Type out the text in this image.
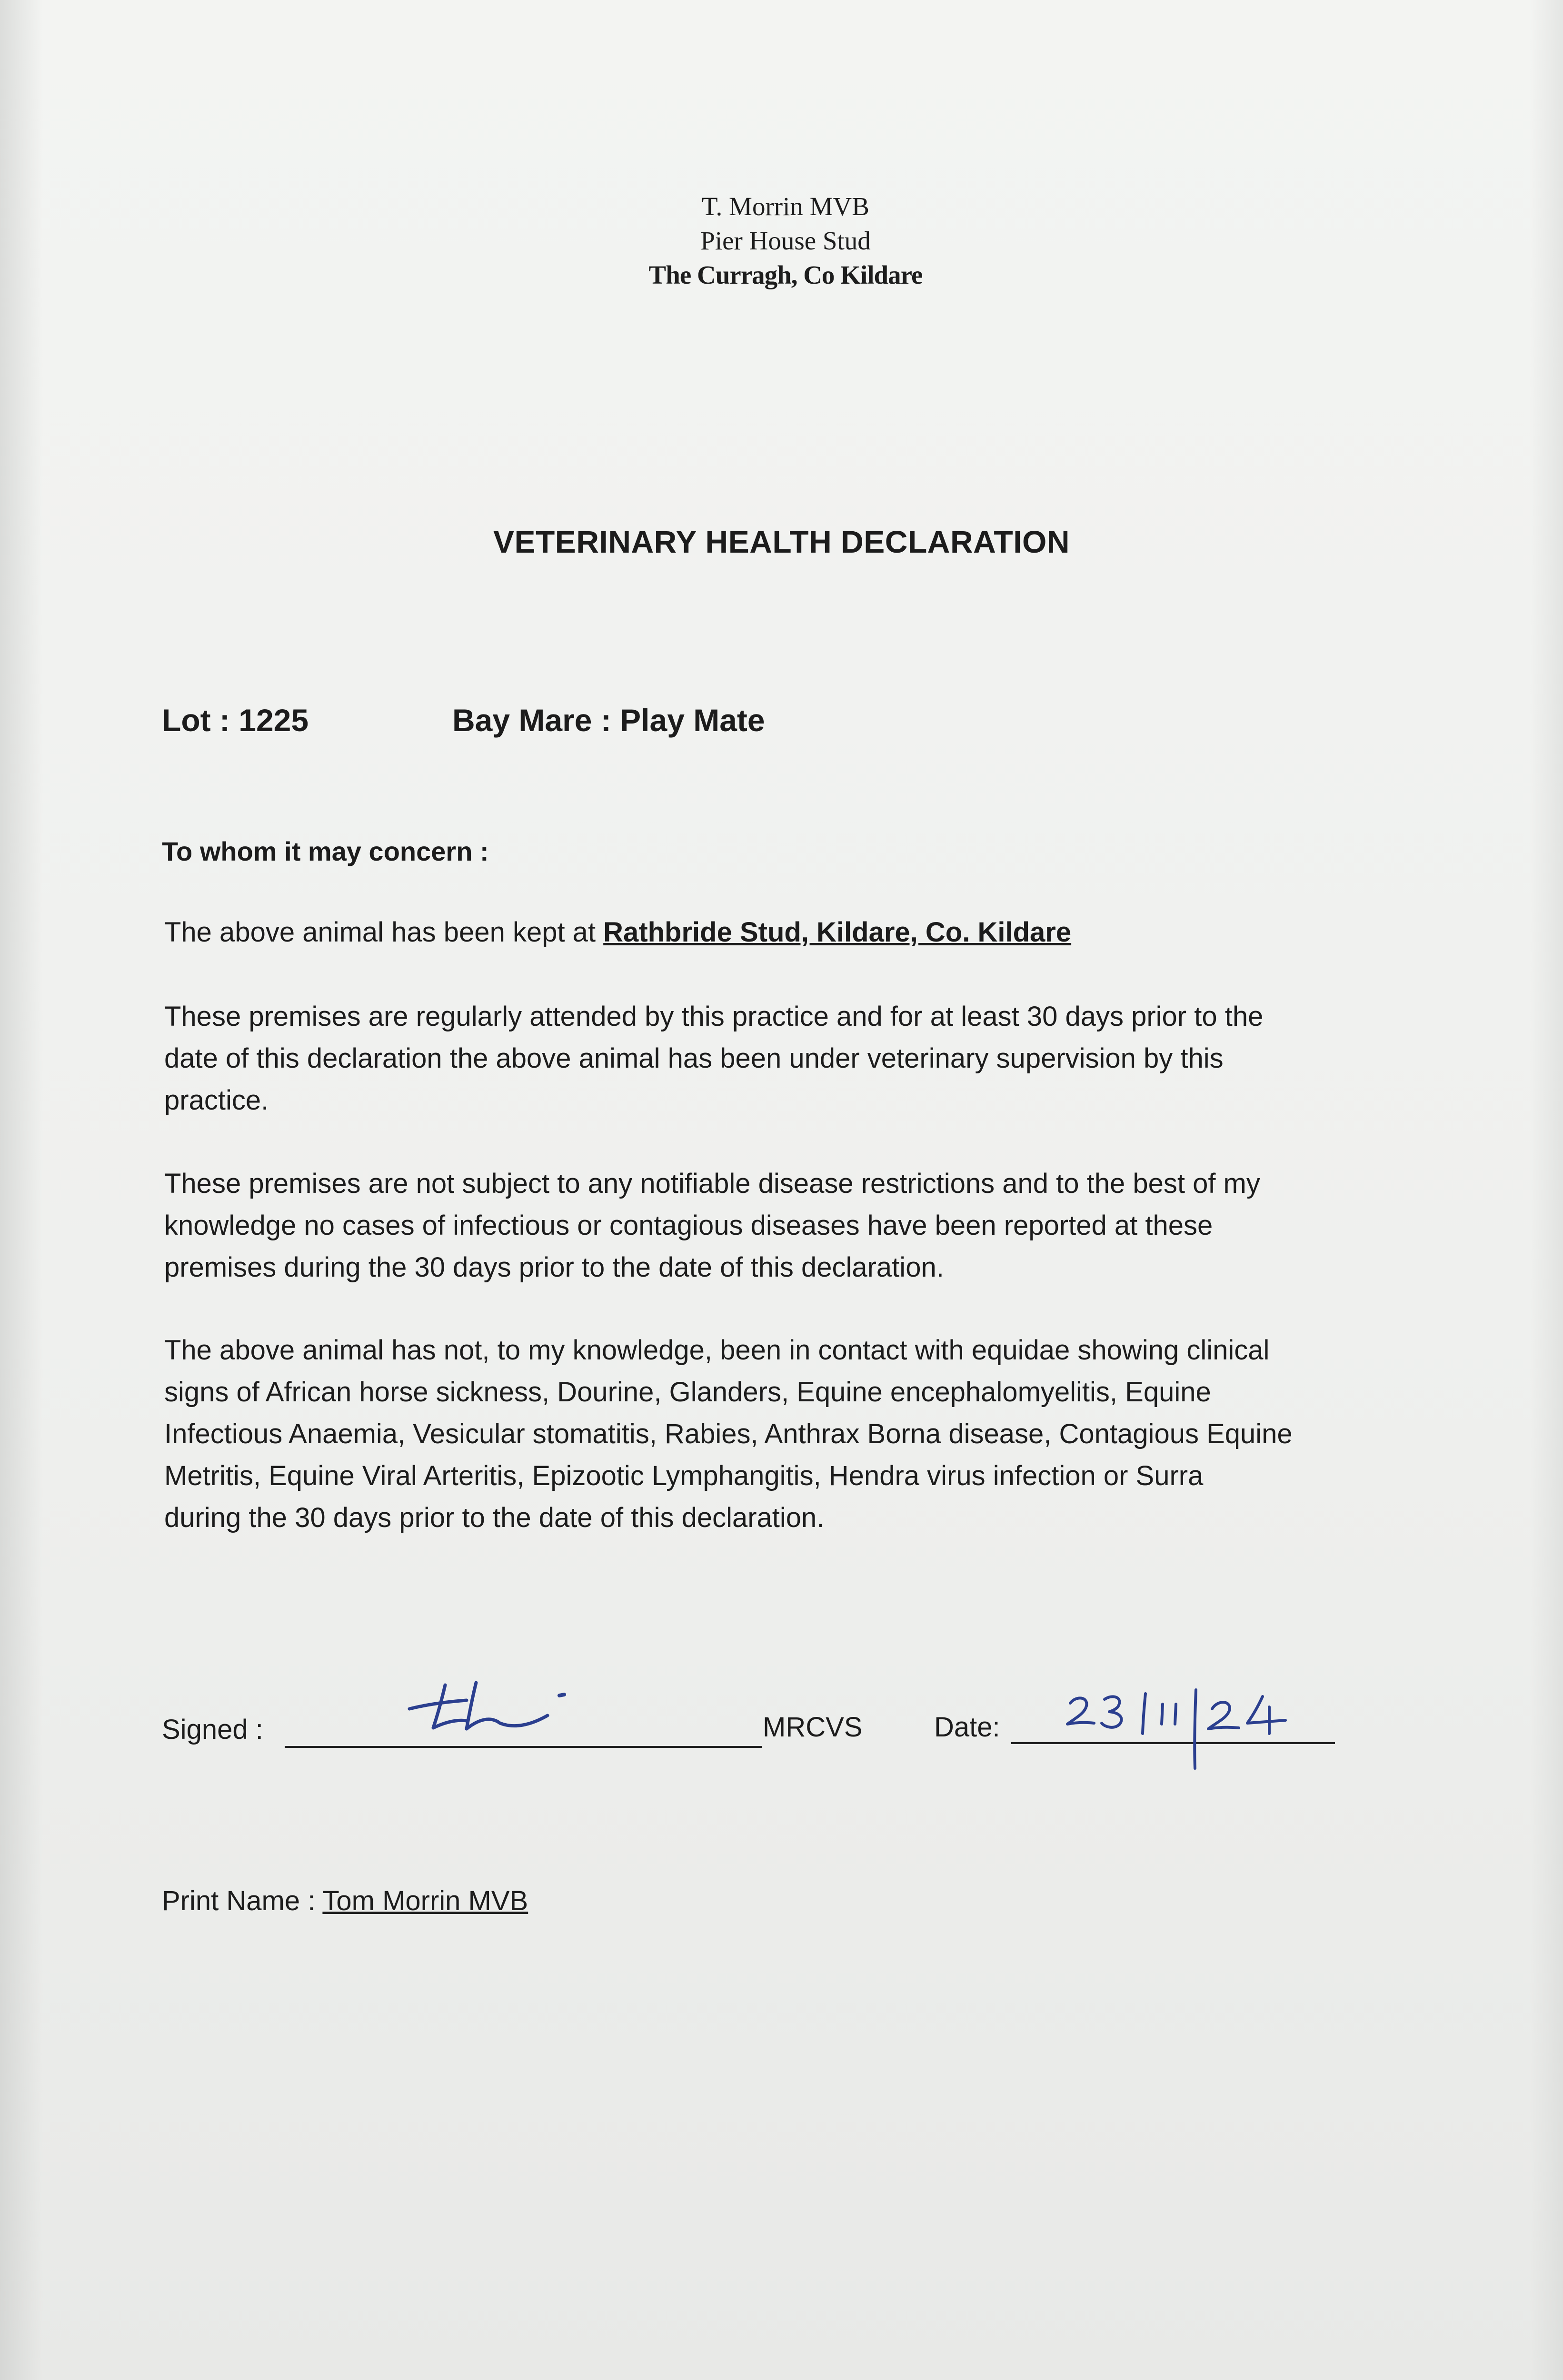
T. Morrin MVB
Pier House Stud
The Curragh, Co Kildare
VETERINARY HEALTH DECLARATION
Lot : 1225	Bay Mare : Play Mate
To whom it may concern :
The above animal has been kept at Rathbride Stud, Kildare, Co. Kildare
These premises are regularly attended by this practice and for at least 30 days prior to the
date of this declaration the above animal has been under veterinary supervision by this
practice.
These premises are not subject to any notifiable disease restrictions and to the best of my
knowledge no cases of infectious or contagious diseases have been reported at these
premises during the 30 days prior to the date of this declaration.
The above animal has not, to my knowledge, been in contact with equidae showing clinical
signs of African horse sickness, Dourine, Glanders, Equine encephalomyelitis, Equine
Infectious Anaemia, Vesicular stomatitis, Rabies, Anthrax Borna disease, Contagious Equine
Metritis, Equine Viral Arteritis, Epizootic Lymphangitis, Hendra virus infection or Surra
during the 30 days prior to the date of this declaration.
Signed :	MRCVS	Date:
Print Name : Tom Morrin MVB
